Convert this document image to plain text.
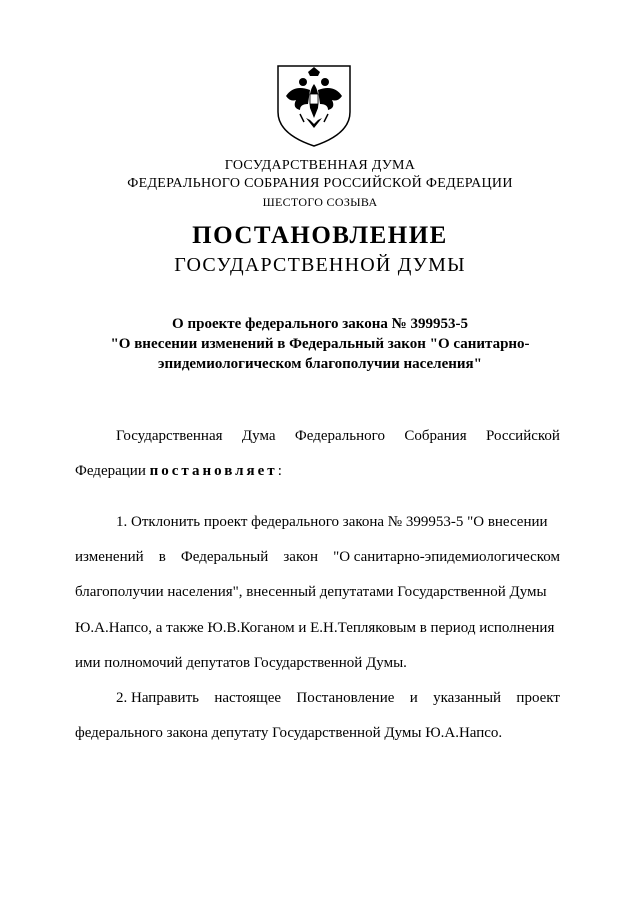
ГОСУДАРСТВЕННАЯ ДУМА
ФЕДЕРАЛЬНОГО СОБРАНИЯ РОССИЙСКОЙ ФЕДЕРАЦИИ
ШЕСТОГО СОЗЫВА
ПОСТАНОВЛЕНИЕ
ГОСУДАРСТВЕННОЙ ДУМЫ
О проекте федерального закона № 399953-5
"О внесении изменений в Федеральный закон "О санитарно-
эпидемиологическом благополучии населения"
Государственная Дума Федерального Собрания Российской
Федерации постановляет:
1. Отклонить проект федерального закона № 399953-5 "О внесении
изменений в Федеральный закон "О санитарно-эпидемиологическом
благополучии населения", внесенный депутатами Государственной Думы
Ю.А.Напсо, а также Ю.В.Коганом и Е.Н.Тепляковым в период исполнения
ими полномочий депутатов Государственной Думы.
2. Направить настоящее Постановление и указанный проект
федерального закона депутату Государственной Думы Ю.А.Напсо.
